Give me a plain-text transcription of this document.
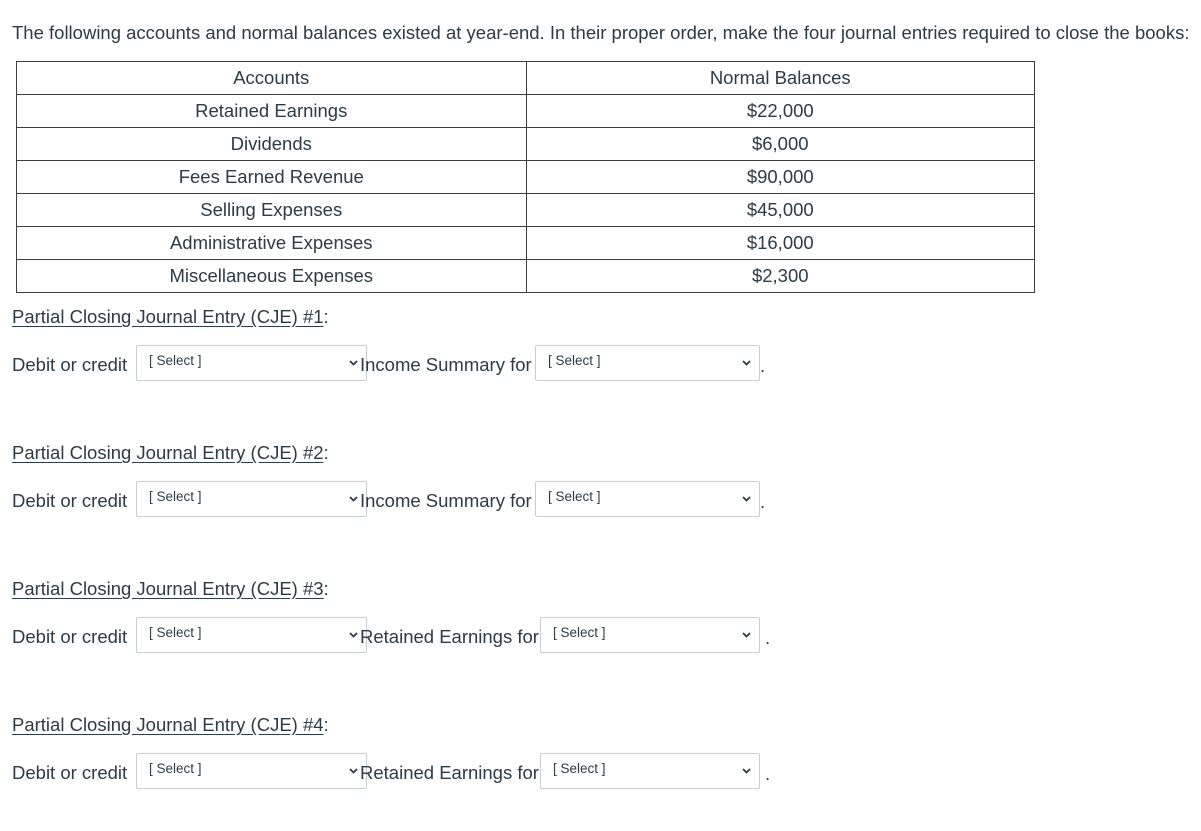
The following accounts and normal balances existed at year-end. In their proper order, make the four journal entries required to close the books:
Accounts	Normal Balances
Retained Earnings	$22,000
Dividends	$6,000
Fees Earned Revenue	$90,000
Selling Expenses	$45,000
Administrative Expenses	$16,000
Miscellaneous Expenses	$2,300
Partial Closing Journal Entry (CJE) #1:
Debit or credit [ Select ]	Income Summary for [ Select ]	.
Partial Closing Journal Entry (CJE) #2:
Debit or credit [ Select ]	Income Summary for [ Select ]	.
Partial Closing Journal Entry (CJE) #3:
Debit or credit [ Select ]	Retained Earnings for [ Select ]	.
Partial Closing Journal Entry (CJE) #4:
Debit or credit [ Select ]	Retained Earnings for [ Select ]	.
